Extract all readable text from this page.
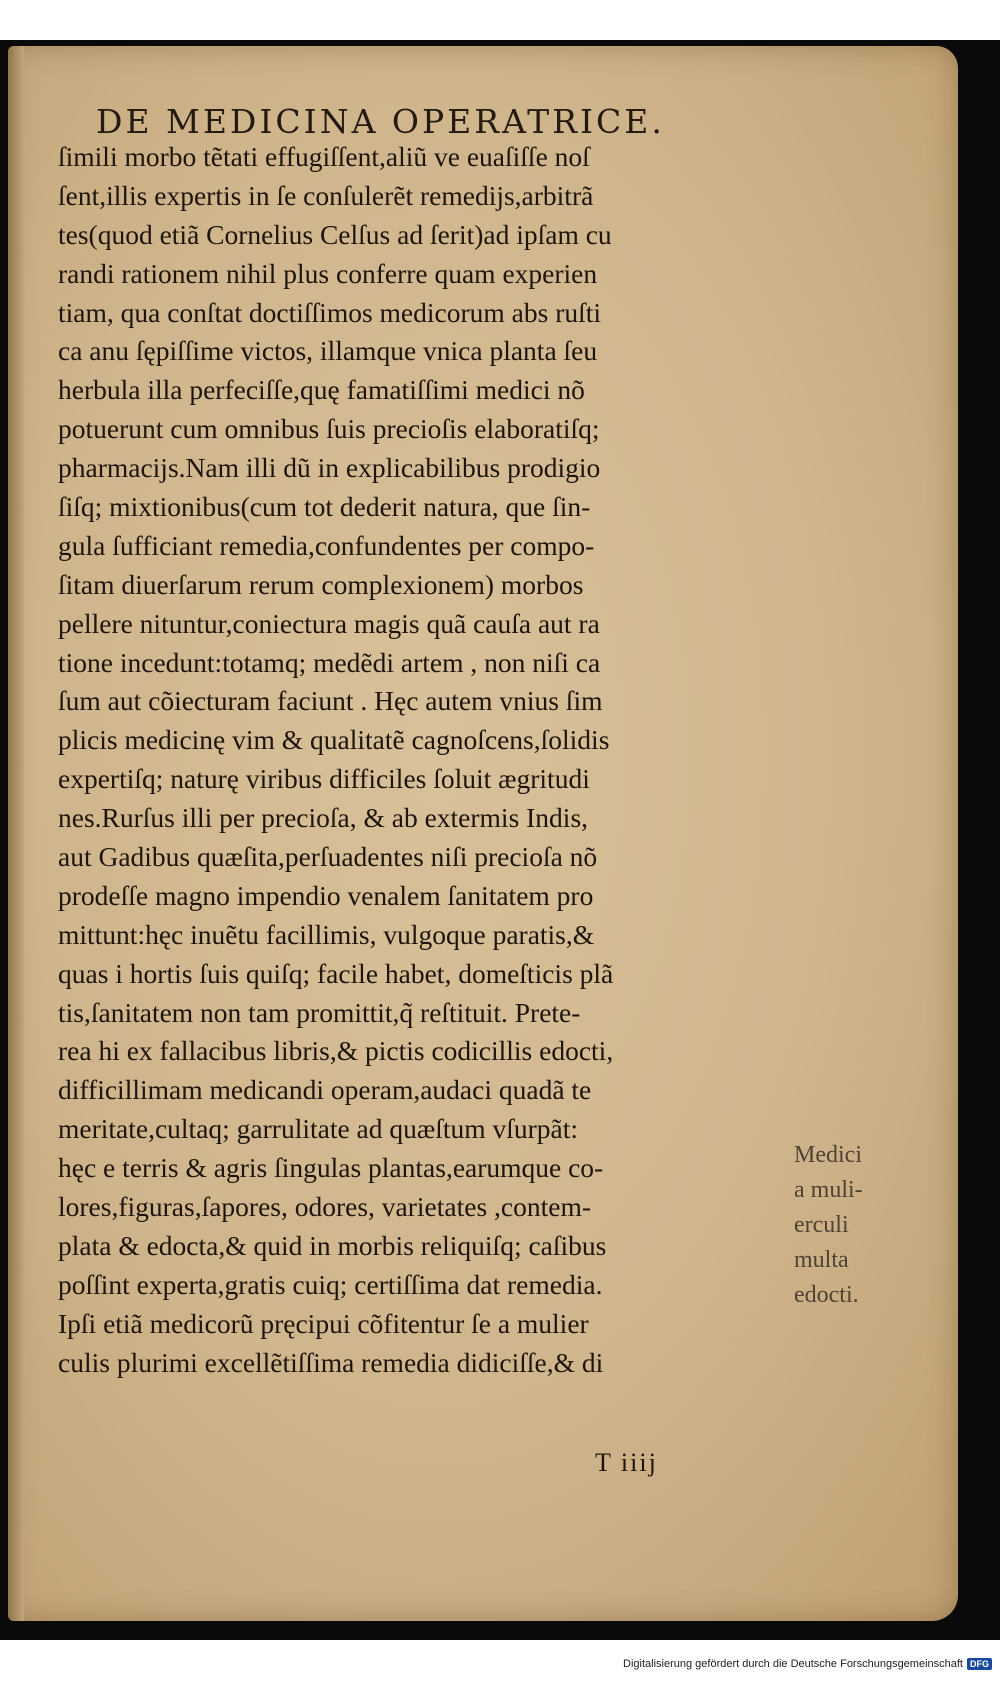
DE MEDICINA OPERATRICE.
ſimili morbo tẽtati effugiſſent,aliũ ve euaſiſſe noſ
ſent,illis expertis in ſe conſulerẽt remedijs,arbitrã
tes(quod etiã Cornelius Celſus ad ſerit)ad ipſam cu
randi rationem nihil plus conferre quam experien
tiam, qua conſtat doctiſſimos medicorum abs ruſti
ca anu ſępiſſime victos, illamque vnica planta ſeu
herbula illa perfeciſſe,quę famatiſſimi medici nõ
potuerunt cum omnibus ſuis precioſis elaboratiſq;
pharmacijs.Nam illi dũ in explicabilibus prodigio
ſiſq; mixtionibus(cum tot dederit natura, que ſin-
gula ſufficiant remedia,confundentes per compo-
ſitam diuerſarum rerum complexionem) morbos
pellere nituntur,coniectura magis quã cauſa aut ra
tione incedunt:totamq; medẽdi artem , non niſi ca
ſum aut cõiecturam faciunt . Hęc autem vnius ſim
plicis medicinę vim & qualitatẽ cagnoſcens,ſolidis
expertiſq; naturę viribus difficiles ſoluit ægritudi
nes.Rurſus illi per precioſa, & ab extermis Indis,
aut Gadibus quæſita,perſuadentes niſi precioſa nõ
prodeſſe magno impendio venalem ſanitatem pro
mittunt:hęc inuẽtu facillimis, vulgoque paratis,&
quas i hortis ſuis quiſq; facile habet, domeſticis plã
tis,ſanitatem non tam promittit,q̃ reſtituit. Prete-
rea hi ex fallacibus libris,& pictis codicillis edocti,
difficillimam medicandi operam,audaci quadã te
meritate,cultaq; garrulitate ad quæſtum vſurpãt:
hęc e terris & agris ſingulas plantas,earumque co-
lores,figuras,ſapores, odores, varietates ,contem-
plata & edocta,& quid in morbis reliquiſq; caſibus
poſſint experta,gratis cuiq; certiſſima dat remedia.
Ipſi etiã medicorũ pręcipui cõfitentur ſe a mulier
culis plurimi excellẽtiſſima remedia didiciſſe,& di
Medici
a muli-
erculi
multa
edocti.
T iiij
Digitalisierung gefördert durch die Deutsche Forschungsgemeinschaft DFG
